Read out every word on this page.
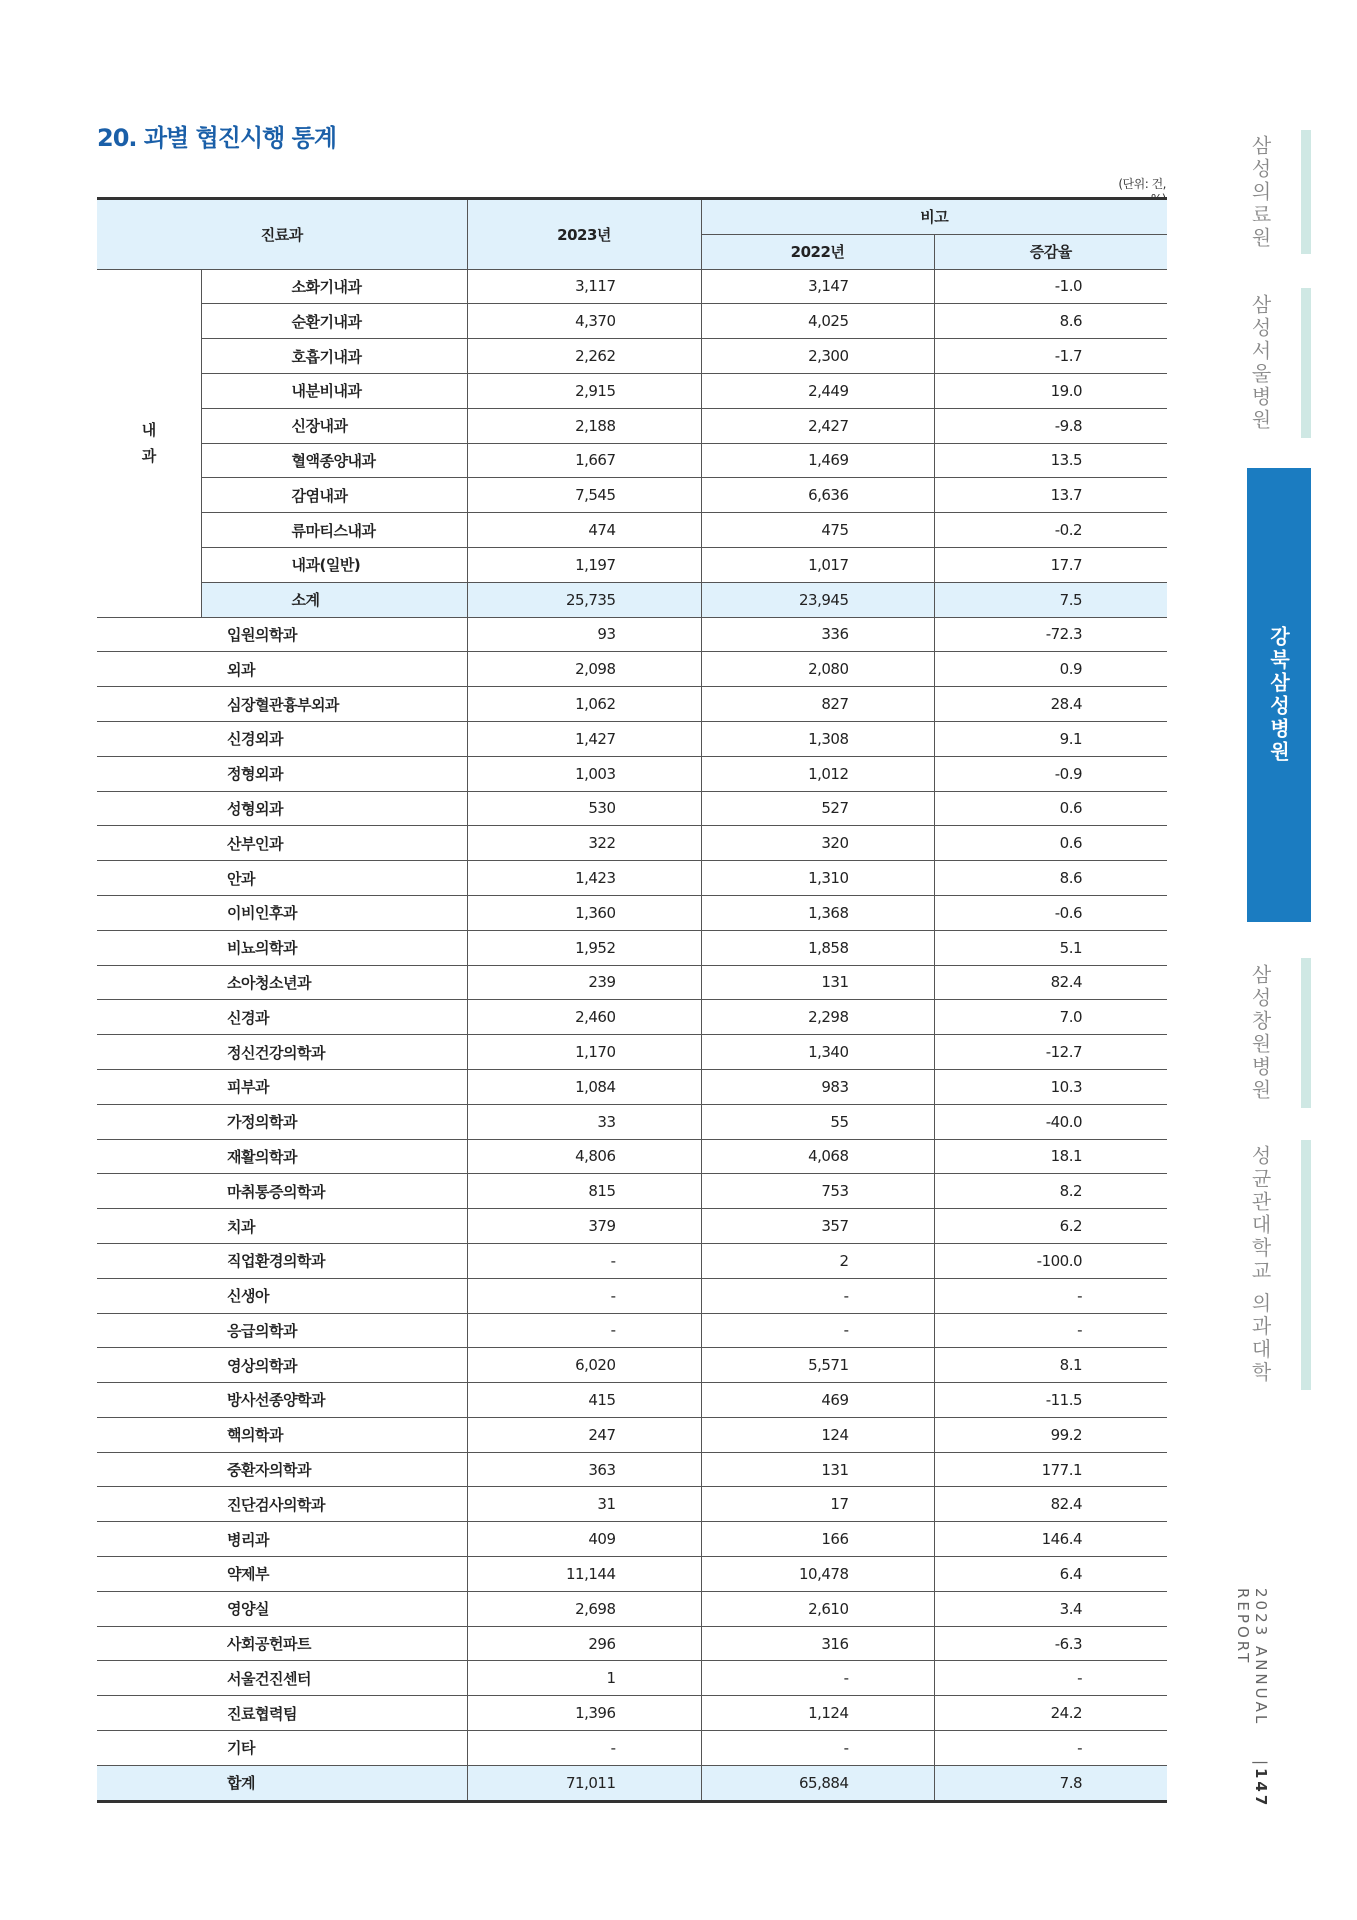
20. 과별 협진시행 통계
(단위: 건,
진료과		2023년	비고	
			2022년	증감율
내
과	소화기내과	3,117	3,147	-1.0
	순환기내과	4,370	4,025	8.6
	호흡기내과	2,262	2,300	-1.7
	내분비내과	2,915	2,449	19.0
	신장내과	2,188	2,427	-9.8
	혈액종양내과	1,667	1,469	13.5
	감염내과	7,545	6,636	13.7
	류마티스내과	474	475	-0.2
	내과(일반)	1,197	1,017	17.7
	소계	25,735	23,945	7.5
입원의학과		93	336	-72.3
외과		2,098	2,080	0.9
심장혈관흉부외과		1,062	827	28.4
신경외과		1,427	1,308	9.1
정형외과		1,003	1,012	-0.9
성형외과		530	527	0.6
산부인과		322	320	0.6
안과		1,423	1,310	8.6
이비인후과		1,360	1,368	-0.6
비뇨의학과		1,952	1,858	5.1
소아청소년과		239	131	82.4
신경과		2,460	2,298	7.0
정신건강의학과		1,170	1,340	-12.7
피부과		1,084	983	10.3
가정의학과		33	55	-40.0
재활의학과		4,806	4,068	18.1
마취통증의학과		815	753	8.2
치과		379	357	6.2
직업환경의학과		-	2	-100.0
신생아		-	-	-
응급의학과		-	-	-
영상의학과		6,020	5,571	8.1
방사선종양학과		415	469	-11.5
핵의학과		247	124	99.2
중환자의학과		363	131	177.1
진단검사의학과		31	17	82.4
병리과		409	166	146.4
약제부		11,144	10,478	6.4
영양실		2,698	2,610	3.4
사회공헌파트		296	316	-6.3
서울건진센터		1	-	-
진료협력팀		1,396	1,124	24.2
기타		-	-	-
합계		71,011	65,884	7.8
삼성의료원
삼성서울병원
강북삼성병원
삼성창원병원
성균관대학교 의과대학
2023 ANNUAL REPORT
|
147
